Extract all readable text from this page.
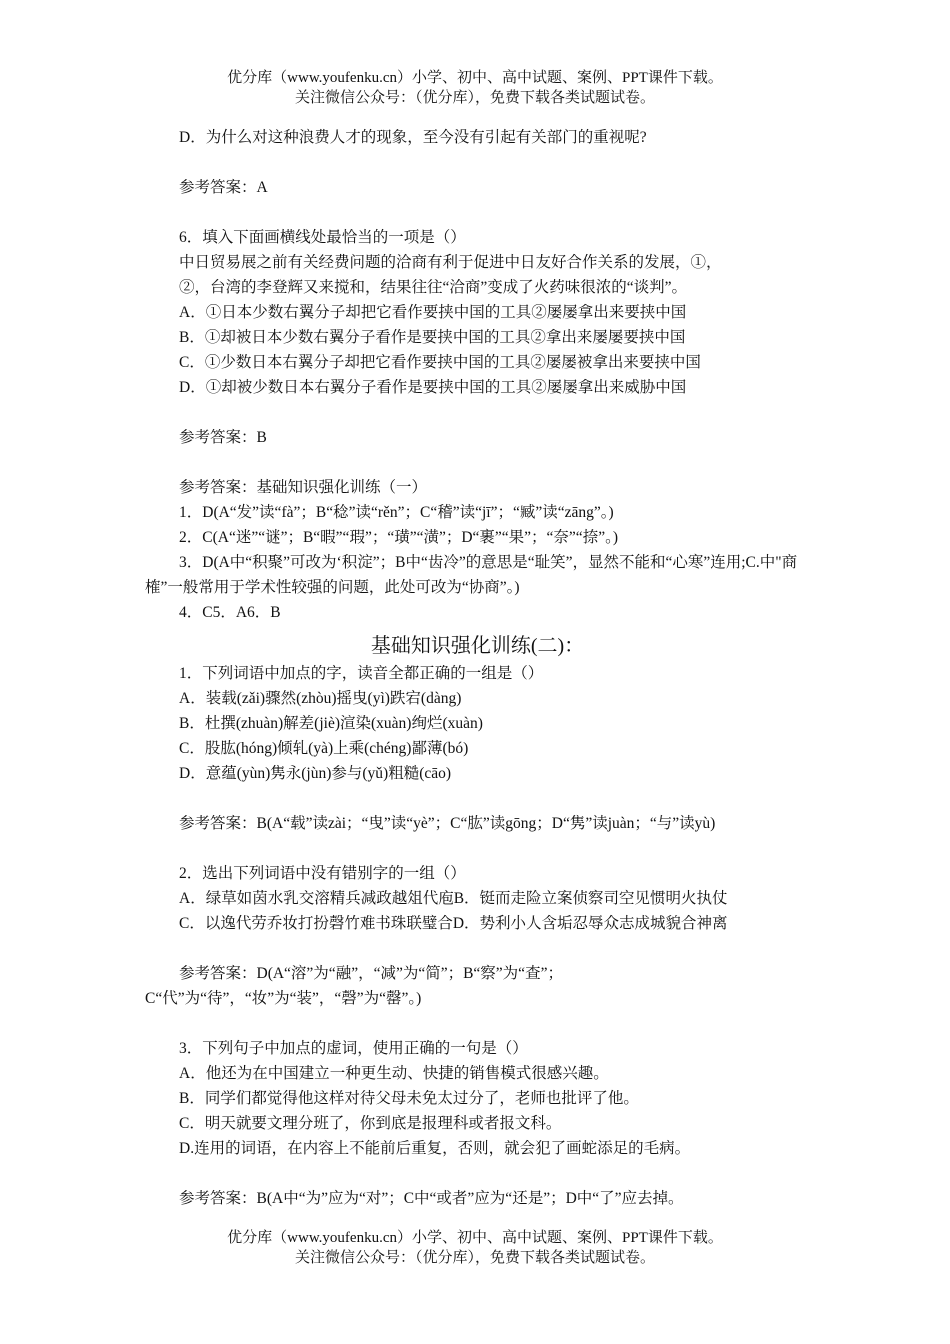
优分库（www.youfenku.cn）小学、初中、高中试题、案例、PPT课件下载。
关注微信公众号：（优分库），免费下载各类试题试卷。
D．为什么对这种浪费人才的现象，至今没有引起有关部门的重视呢?
参考答案：A
6．填入下面画横线处最恰当的一项是（）
中日贸易展之前有关经费问题的洽商有利于促进中日友好合作关系的发展，①，
②，台湾的李登辉又来搅和，结果往往“洽商”变成了火药味很浓的“谈判”。
A．①日本少数右翼分子却把它看作要挟中国的工具②屡屡拿出来要挟中国
B．①却被日本少数右翼分子看作是要挟中国的工具②拿出来屡屡要挟中国
C．①少数日本右翼分子却把它看作要挟中国的工具②屡屡被拿出来要挟中国
D．①却被少数日本右翼分子看作是要挟中国的工具②屡屡拿出来威胁中国
参考答案：B
参考答案：基础知识强化训练（一）
1．D(A“发”读“fà”；B“稔”读“rěn”；C“稽”读“jī”；“臧”读“zāng”。)
2．C(A“迷”“谜”；B“暇”“瑕”；“璜”“潢”；D“裹”“果”；“奈”“捺”。)
3．D(A中“积聚”可改为‘积淀”；B中“齿冷”的意思是“耻笑”，显然不能和“心寒”连用;C.中"商榷”一般常用于学术性较强的问题，此处可改为“协商”。)
4．C5．A6．B
基础知识强化训练(二)：
1．下列词语中加点的字，读音全都正确的一组是（）
A．装载(zǎi)骤然(zhòu)摇曳(yì)跌宕(dàng)
B．杜撰(zhuàn)解差(jiè)渲染(xuàn)绚烂(xuàn)
C．股肱(hóng)倾轧(yà)上乘(chéng)鄙薄(bó)
D．意蕴(yùn)隽永(jùn)参与(yǔ)粗糙(cāo)
参考答案：B(A“载”读zài；“曳”读“yè”；C“肱”读gōng；D“隽”读juàn；“与”读yù)
2．选出下列词语中没有错别字的一组（）
A．绿草如茵水乳交溶精兵减政越俎代庖B．铤而走险立案侦察司空见惯明火执仗
C．以逸代劳乔妆打扮磬竹难书珠联璧合D．势利小人含垢忍辱众志成城貌合神离
参考答案：D(A“溶”为“融”，“减”为“简”；B“察”为“查”；C“代”为“待”，“妆”为“装”，“磬”为“罄”。)
3．下列句子中加点的虚词，使用正确的一句是（）
A．他还为在中国建立一种更生动、快捷的销售模式很感兴趣。
B．同学们都觉得他这样对待父母未免太过分了，老师也批评了他。
C．明天就要文理分班了，你到底是报理科或者报文科。
D.连用的词语，在内容上不能前后重复，否则，就会犯了画蛇添足的毛病。
参考答案：B(A中“为”应为“对”；C中“或者”应为“还是”；D中“了”应去掉。
优分库（www.youfenku.cn）小学、初中、高中试题、案例、PPT课件下载。
关注微信公众号：（优分库），免费下载各类试题试卷。
